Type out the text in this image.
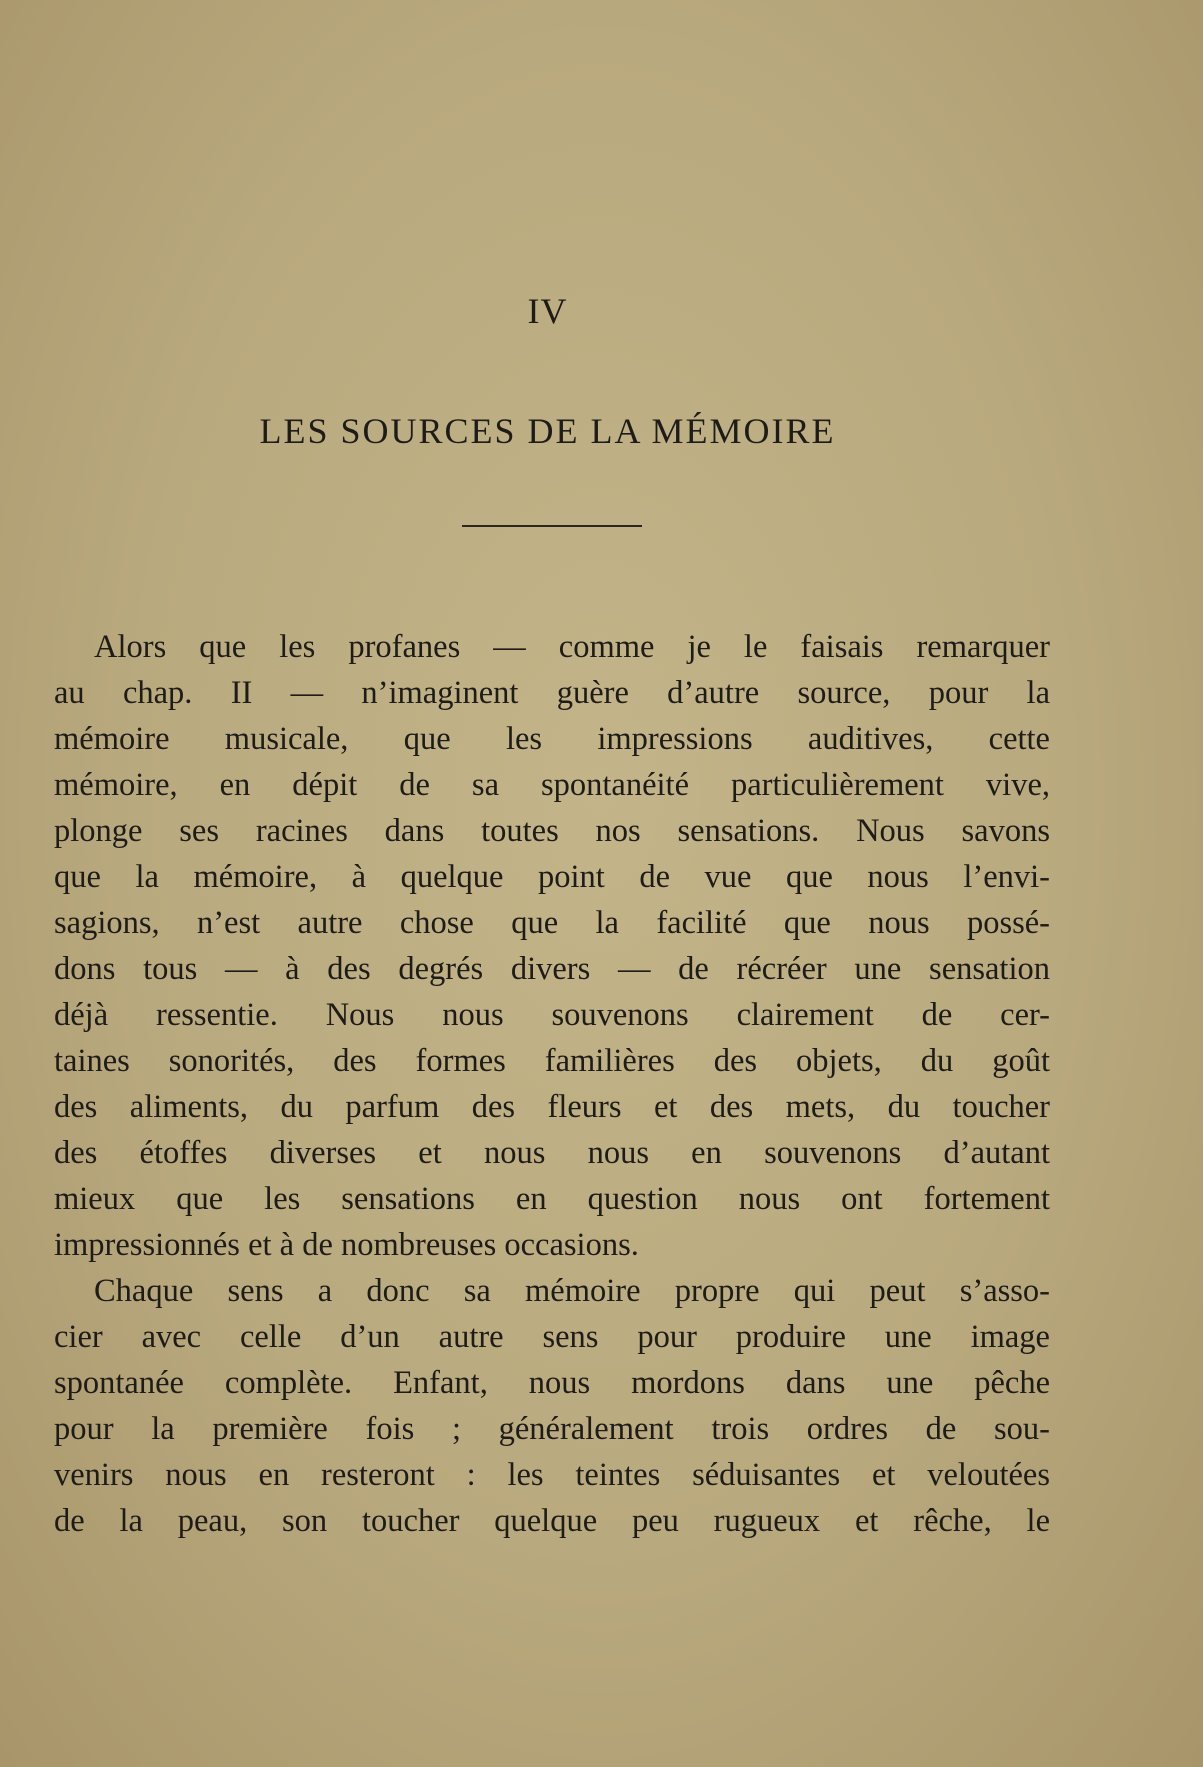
IV
LES SOURCES DE LA MÉMOIRE
Alors que les profanes — comme je le faisais remarquer
au chap. II — n’imaginent guère d’autre source, pour la
mémoire musicale, que les impressions auditives, cette
mémoire, en dépit de sa spontanéité particulièrement vive,
plonge ses racines dans toutes nos sensations. Nous savons
que la mémoire, à quelque point de vue que nous l’envi-
sagions, n’est autre chose que la facilité que nous possé-
dons tous — à des degrés divers — de récréer une sensation
déjà ressentie. Nous nous souvenons clairement de cer-
taines sonorités, des formes familières des objets, du goût
des aliments, du parfum des fleurs et des mets, du toucher
des étoffes diverses et nous nous en souvenons d’autant
mieux que les sensations en question nous ont fortement
impressionnés et à de nombreuses occasions.
Chaque sens a donc sa mémoire propre qui peut s’asso-
cier avec celle d’un autre sens pour produire une image
spontanée complète. Enfant, nous mordons dans une pêche
pour la première fois ; généralement trois ordres de sou-
venirs nous en resteront : les teintes séduisantes et veloutées
de la peau, son toucher quelque peu rugueux et rêche, le
